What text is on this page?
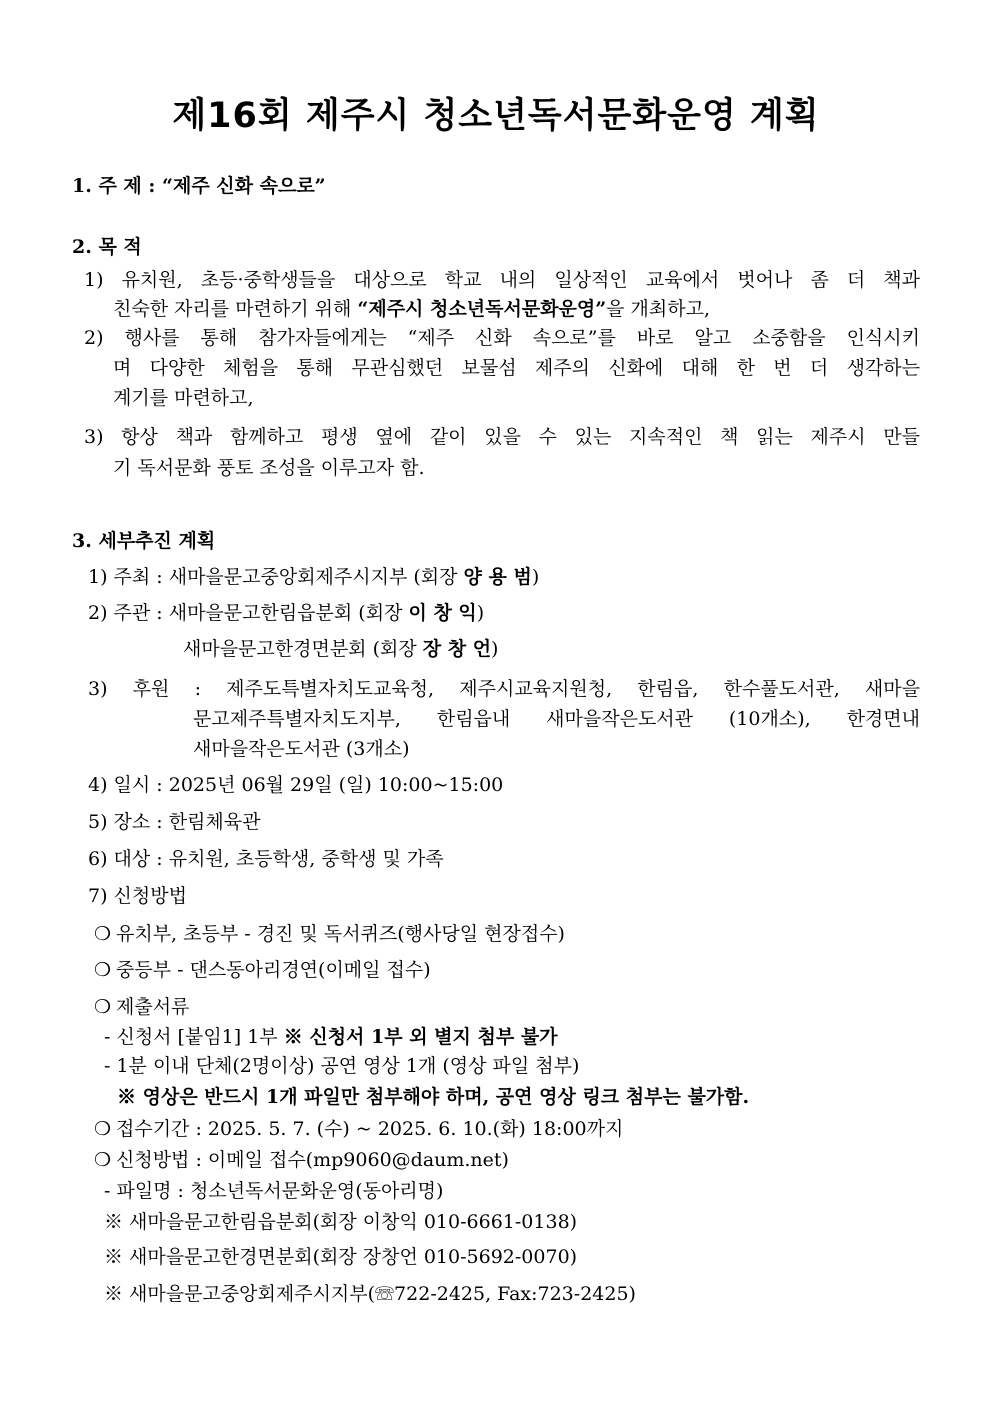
제16회 제주시 청소년독서문화운영 계획
1. 주 제 : “제주 신화 속으로”
2. 목 적
1) 유치원, 초등·중학생들을 대상으로 학교 내의 일상적인 교육에서 벗어나 좀 더 책과
친숙한 자리를 마련하기 위해 “제주시 청소년독서문화운영”을 개최하고,
2) 행사를 통해 참가자들에게는 “제주 신화 속으로”를 바로 알고 소중함을 인식시키
며 다양한 체험을 통해 무관심했던 보물섬 제주의 신화에 대해 한 번 더 생각하는
계기를 마련하고,
3) 항상 책과 함께하고 평생 옆에 같이 있을 수 있는 지속적인 책 읽는 제주시 만들
기 독서문화 풍토 조성을 이루고자 함.
3. 세부추진 계획
1) 주최 : 새마을문고중앙회제주시지부 (회장 양 용 범)
2) 주관 : 새마을문고한림읍분회 (회장 이 창 익)
새마을문고한경면분회 (회장 장 창 언)
3) 후원 : 제주도특별자치도교육청, 제주시교육지원청, 한림읍, 한수풀도서관, 새마을
문고제주특별자치도지부, 한림읍내 새마을작은도서관 (10개소), 한경면내
새마을작은도서관 (3개소)
4) 일시 : 2025년 06월 29일 (일) 10:00~15:00
5) 장소 : 한림체육관
6) 대상 : 유치원, 초등학생, 중학생 및 가족
7) 신청방법
❍ 유치부, 초등부 - 경진 및 독서퀴즈(행사당일 현장접수)
❍ 중등부 - 댄스동아리경연(이메일 접수)
❍ 제출서류
- 신청서 [붙임1] 1부 ※ 신청서 1부 외 별지 첨부 불가
- 1분 이내 단체(2명이상) 공연 영상 1개 (영상 파일 첨부)
※ 영상은 반드시 1개 파일만 첨부해야 하며, 공연 영상 링크 첨부는 불가함.
❍ 접수기간 : 2025. 5. 7. (수) ~ 2025. 6. 10.(화) 18:00까지
❍ 신청방법 : 이메일 접수(mp9060@daum.net)
- 파일명 : 청소년독서문화운영(동아리명)
※ 새마을문고한림읍분회(회장 이창익 010-6661-0138)
※ 새마을문고한경면분회(회장 장창언 010-5692-0070)
※ 새마을문고중앙회제주시지부(☏722-2425, Fax:723-2425)
